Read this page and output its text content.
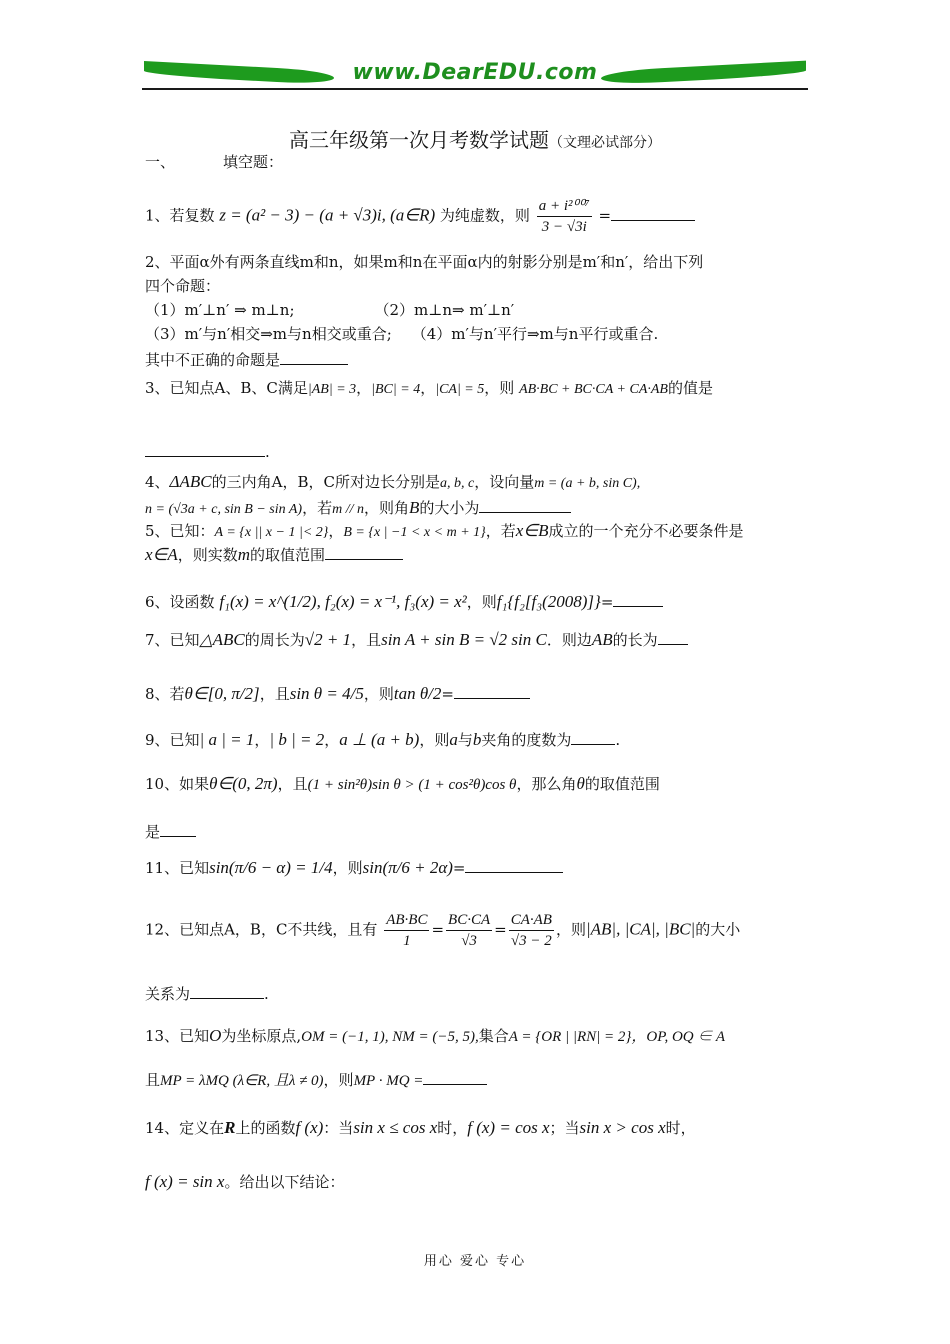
www.DearEDU.com
高三年级第一次月考数学试题（文理必试部分）
一、	填空题：
1、若复数 z = (a² − 3) − (a + √3)i, (a∈R) 为纯虚数，则 $\frac{\text{a + i²⁰⁰⁷}}{3 - √3i}$ =
2、平面α外有两条直线m和n，如果m和n在平面α内的射影分别是m′和n′，给出下列
四个命题：
（1）m′⊥n′ ⇒ m⊥n;	（2）m⊥n⇒ m′⊥n′
（3）m′与n′相交⇒m与n相交或重合; （4）m′与n′平行⇒m与n平行或重合.
其中不正确的命题是
3、已知点A、B、C满足|AB| = 3，|BC| = 4，|CA| = 5，则 AB·BC + BC·CA + CA·AB的值是
.
4、ΔABC的三内角A，B，C所对边长分别是a, b, c，设向量m = (a + b, sin C),
n = (√3a + c, sin B − sin A)，若m // n，则角B的大小为
5、已知：A = {x || x − 1 |< 2}，B = {x | −1 < x < m + 1}，若x∈B成立的一个充分不必要条件是
x∈A，则实数m的取值范围
6、设函数 f₁(x) = x^(1/2), f₂(x) = x⁻¹, f₃(x) = x²，则f₁{f₂[f₃(2008)]}=
7、已知△ABC的周长为√2 + 1，且sin A + sin B = √2 sin C．则边AB的长为
8、若θ∈[0, π/2]，且sin θ = 4/5，则tan θ/2=
9、已知| a | = 1，| b | = 2，a ⊥ (a + b)，则a与b夹角的度数为	.
10、如果θ∈(0, 2π)，且(1 + sin²θ)sin θ > (1 + cos²θ)cos θ，那么角θ的取值范围
是
11、已知sin(π/6 − α) = 1/4，则sin(π/6 + 2α)=
12、已知点A，B，C不共线，且有 $\frac{AB\cdot BC}{1} = \frac{BC\cdot CA}{√3} = \frac{CA\cdot AB}{√3 - 2}$ ，则|AB|, |CA|, |BC|的大小
关系为	.
13、已知O为坐标原点,OM = (−1, 1), NM = (−5, 5),集合A = {OR | |RN| = 2}，OP, OQ ∈ A
且MP = λMQ (λ∈R, 且λ ≠ 0)，则MP · MQ =
14、定义在R上的函数f (x)：当sin x ≤ cos x时，f (x) = cos x；当sin x > cos x时，
f (x) = sin x。给出以下结论：
用心 爱心 专心
